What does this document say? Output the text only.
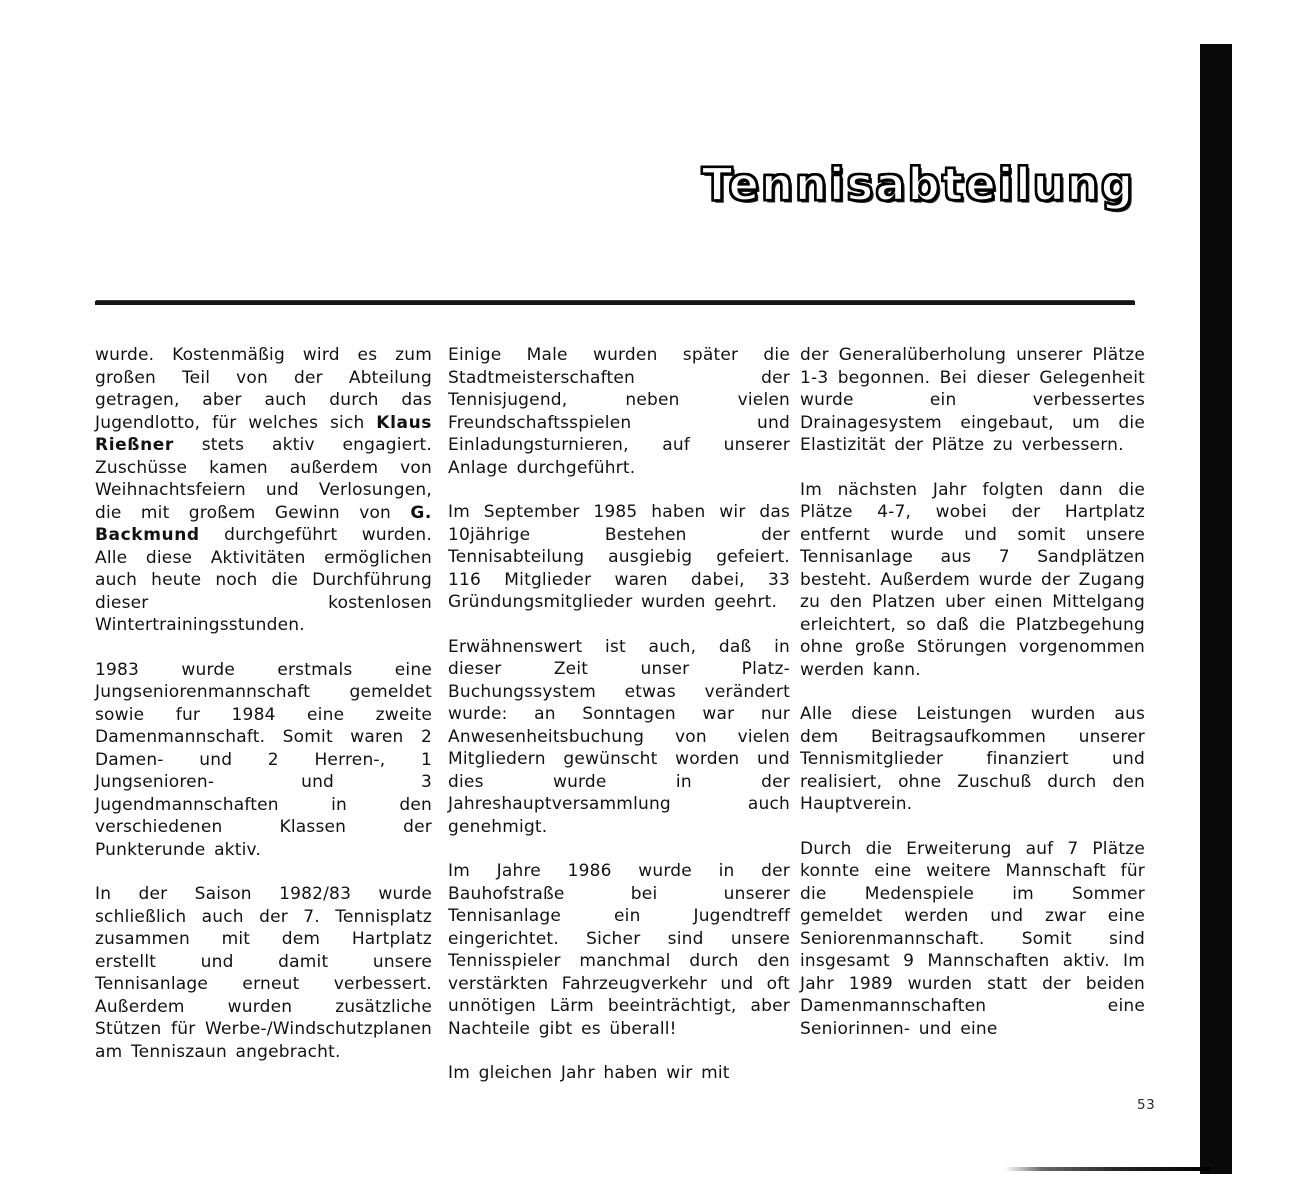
Tennisabteilung

wurde. Kostenmäßig wird es zum großen Teil von der Abteilung getragen, aber auch durch das Jugendlotto, für welches sich Klaus Rießner stets aktiv engagiert. Zuschüsse kamen außerdem von Weihnachtsfeiern und Verlosungen, die mit großem Gewinn von G. Backmund durchgeführt wurden. Alle diese Aktivitäten ermöglichen auch heute noch die Durchführung dieser kostenlosen Wintertrainingsstunden.

1983 wurde erstmals eine Jungseniorenmannschaft gemeldet sowie fur 1984 eine zweite Damenmannschaft. Somit waren 2 Damen- und 2 Herren-, 1 Jungsenioren- und 3 Jugendmannschaften in den verschiedenen Klassen der Punkterunde aktiv.

In der Saison 1982/83 wurde schließlich auch der 7. Tennisplatz zusammen mit dem Hartplatz erstellt und damit unsere Tennisanlage erneut verbessert. Außerdem wurden zusätzliche Stützen für Werbe-/Windschutzplanen am Tenniszaun angebracht.

Einige Male wurden später die Stadtmeisterschaften der Tennisjugend, neben vielen Freundschaftsspielen und Einladungsturnieren, auf unserer Anlage durchgeführt.

Im September 1985 haben wir das 10jährige Bestehen der Tennisabteilung ausgiebig gefeiert. 116 Mitglieder waren dabei, 33 Gründungsmitglieder wurden geehrt.

Erwähnenswert ist auch, daß in dieser Zeit unser Platz-Buchungssystem etwas verändert wurde: an Sonntagen war nur Anwesenheitsbuchung von vielen Mitgliedern gewünscht worden und dies wurde in der Jahreshauptversammlung auch genehmigt.

Im Jahre 1986 wurde in der Bauhofstraße bei unserer Tennisanlage ein Jugendtreff eingerichtet. Sicher sind unsere Tennisspieler manchmal durch den verstärkten Fahrzeugverkehr und oft unnötigen Lärm beeinträchtigt, aber Nachteile gibt es überall!

Im gleichen Jahr haben wir mit

der Generalüberholung unserer Plätze 1-3 begonnen. Bei dieser Gelegenheit wurde ein verbessertes Drainagesystem eingebaut, um die Elastizität der Plätze zu verbessern.

Im nächsten Jahr folgten dann die Plätze 4-7, wobei der Hartplatz entfernt wurde und somit unsere Tennisanlage aus 7 Sandplätzen besteht. Außerdem wurde der Zugang zu den Platzen uber einen Mittelgang erleichtert, so daß die Platzbegehung ohne große Störungen vorgenommen werden kann.

Alle diese Leistungen wurden aus dem Beitragsaufkommen unserer Tennismitglieder finanziert und realisiert, ohne Zuschuß durch den Hauptverein.

Durch die Erweiterung auf 7 Plätze konnte eine weitere Mannschaft für die Medenspiele im Sommer gemeldet werden und zwar eine Seniorenmannschaft. Somit sind insgesamt 9 Mannschaften aktiv. Im Jahr 1989 wurden statt der beiden Damenmannschaften eine Seniorinnen- und eine

53
